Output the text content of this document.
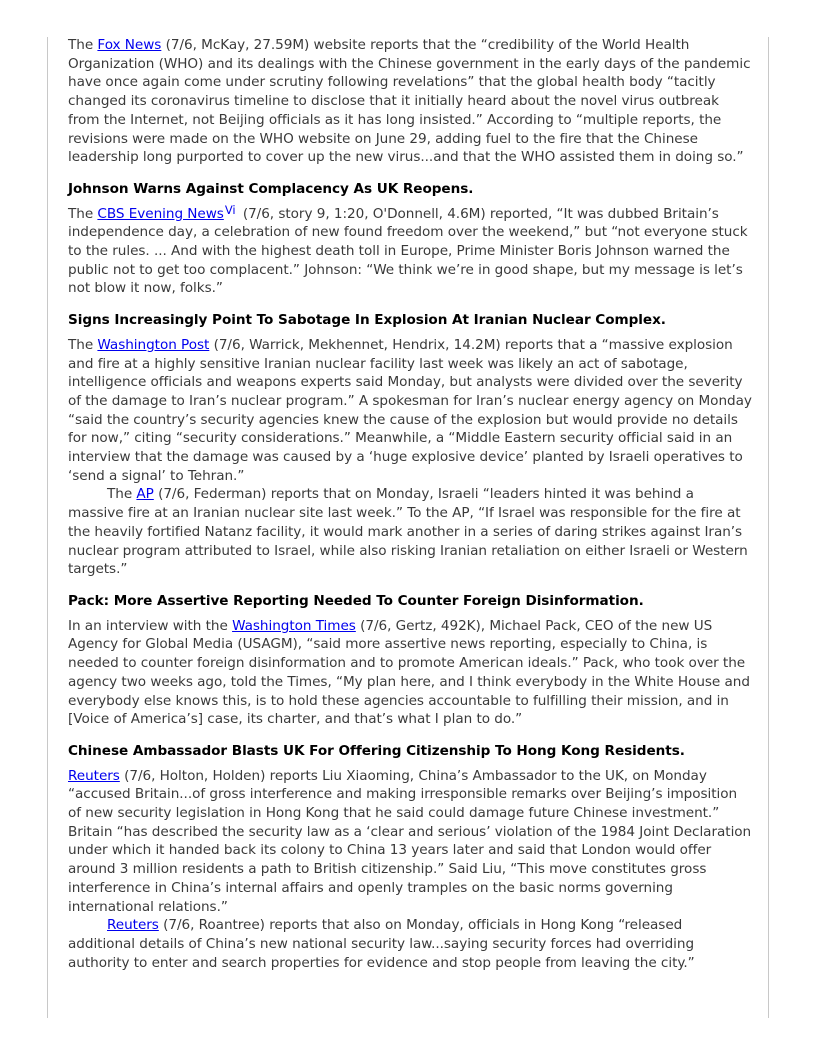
The Fox News (7/6, McKay, 27.59M) website reports that the “credibility of the World Health Organization (WHO) and its dealings with the Chinese government in the early days of the pandemic have once again come under scrutiny following revelations” that the global health body “tacitly changed its coronavirus timeline to disclose that it initially heard about the novel virus outbreak from the Internet, not Beijing officials as it has long insisted.” According to “multiple reports, the revisions were made on the WHO website on June 29, adding fuel to the fire that the Chinese leadership long purported to cover up the new virus...and that the WHO assisted them in doing so.”

Johnson Warns Against Complacency As UK Reopens.

The CBS Evening News$^{Vi}$ (7/6, story 9, 1:20, O'Donnell, 4.6M) reported, “It was dubbed Britain’s independence day, a celebration of new found freedom over the weekend,” but “not everyone stuck to the rules. ... And with the highest death toll in Europe, Prime Minister Boris Johnson warned the public not to get too complacent.” Johnson: “We think we’re in good shape, but my message is let’s not blow it now, folks.”

Signs Increasingly Point To Sabotage In Explosion At Iranian Nuclear Complex.

The Washington Post (7/6, Warrick, Mekhennet, Hendrix, 14.2M) reports that a “massive explosion and fire at a highly sensitive Iranian nuclear facility last week was likely an act of sabotage, intelligence officials and weapons experts said Monday, but analysts were divided over the severity of the damage to Iran’s nuclear program.” A spokesman for Iran’s nuclear energy agency on Monday “said the country’s security agencies knew the cause of the explosion but would provide no details for now,” citing “security considerations.” Meanwhile, a “Middle Eastern security official said in an interview that the damage was caused by a ‘huge explosive device’ planted by Israeli operatives to ‘send a signal’ to Tehran.”

The AP (7/6, Federman) reports that on Monday, Israeli “leaders hinted it was behind a massive fire at an Iranian nuclear site last week.” To the AP, “If Israel was responsible for the fire at the heavily fortified Natanz facility, it would mark another in a series of daring strikes against Iran’s nuclear program attributed to Israel, while also risking Iranian retaliation on either Israeli or Western targets.”

Pack: More Assertive Reporting Needed To Counter Foreign Disinformation.

In an interview with the Washington Times (7/6, Gertz, 492K), Michael Pack, CEO of the new US Agency for Global Media (USAGM), “said more assertive news reporting, especially to China, is needed to counter foreign disinformation and to promote American ideals.” Pack, who took over the agency two weeks ago, told the Times, “My plan here, and I think everybody in the White House and everybody else knows this, is to hold these agencies accountable to fulfilling their mission, and in [Voice of America’s] case, its charter, and that’s what I plan to do.”

Chinese Ambassador Blasts UK For Offering Citizenship To Hong Kong Residents.

Reuters (7/6, Holton, Holden) reports Liu Xiaoming, China’s Ambassador to the UK, on Monday “accused Britain...of gross interference and making irresponsible remarks over Beijing’s imposition of new security legislation in Hong Kong that he said could damage future Chinese investment.” Britain “has described the security law as a ‘clear and serious’ violation of the 1984 Joint Declaration under which it handed back its colony to China 13 years later and said that London would offer around 3 million residents a path to British citizenship.” Said Liu, “This move constitutes gross interference in China’s internal affairs and openly tramples on the basic norms governing international relations.”

Reuters (7/6, Roantree) reports that also on Monday, officials in Hong Kong “released additional details of China’s new national security law...saying security forces had overriding authority to enter and search properties for evidence and stop people from leaving the city.”
